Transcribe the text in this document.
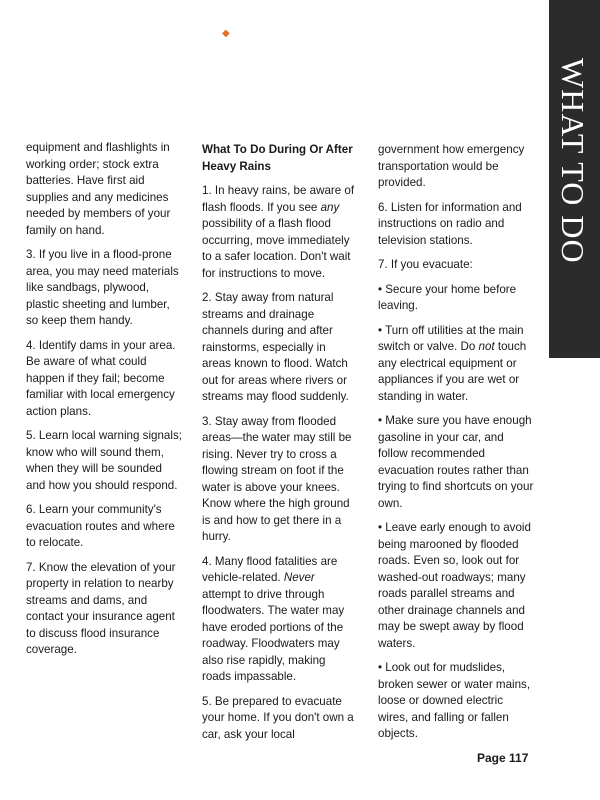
◆
WHAT TO DO

equipment and flashlights in working order; stock extra batteries. Have first aid supplies and any medicines needed by members of your family on hand.

3. If you live in a flood-prone area, you may need materials like sandbags, plywood, plastic sheeting and lumber, so keep them handy.

4. Identify dams in your area. Be aware of what could happen if they fail; become familiar with local emergency action plans.

5. Learn local warning signals; know who will sound them, when they will be sounded and how you should respond.

6. Learn your community's evacuation routes and where to relocate.

7. Know the elevation of your property in relation to nearby streams and dams, and contact your insurance agent to discuss flood insurance coverage.

What To Do During Or After Heavy Rains

1. In heavy rains, be aware of flash floods. If you see any possibility of a flash flood occurring, move immediately to a safer location. Don't wait for instructions to move.

2. Stay away from natural streams and drainage channels during and after rainstorms, especially in areas known to flood. Watch out for areas where rivers or streams may flood suddenly.

3. Stay away from flooded areas—the water may still be rising. Never try to cross a flowing stream on foot if the water is above your knees. Know where the high ground is and how to get there in a hurry.

4. Many flood fatalities are vehicle-related. Never attempt to drive through floodwaters. The water may have eroded portions of the roadway. Floodwaters may also rise rapidly, making roads impassable.

5. Be prepared to evacuate your home. If you don't own a car, ask your local

government how emergency transportation would be provided.

6. Listen for information and instructions on radio and television stations.

7. If you evacuate:

• Secure your home before leaving.

• Turn off utilities at the main switch or valve. Do not touch any electrical equipment or appliances if you are wet or standing in water.

• Make sure you have enough gasoline in your car, and follow recommended evacuation routes rather than trying to find shortcuts on your own.

• Leave early enough to avoid being marooned by flooded roads. Even so, look out for washed-out roadways; many roads parallel streams and other drainage channels and may be swept away by flood waters.

• Look out for mudslides, broken sewer or water mains, loose or downed electric wires, and falling or fallen objects.

Page 117
